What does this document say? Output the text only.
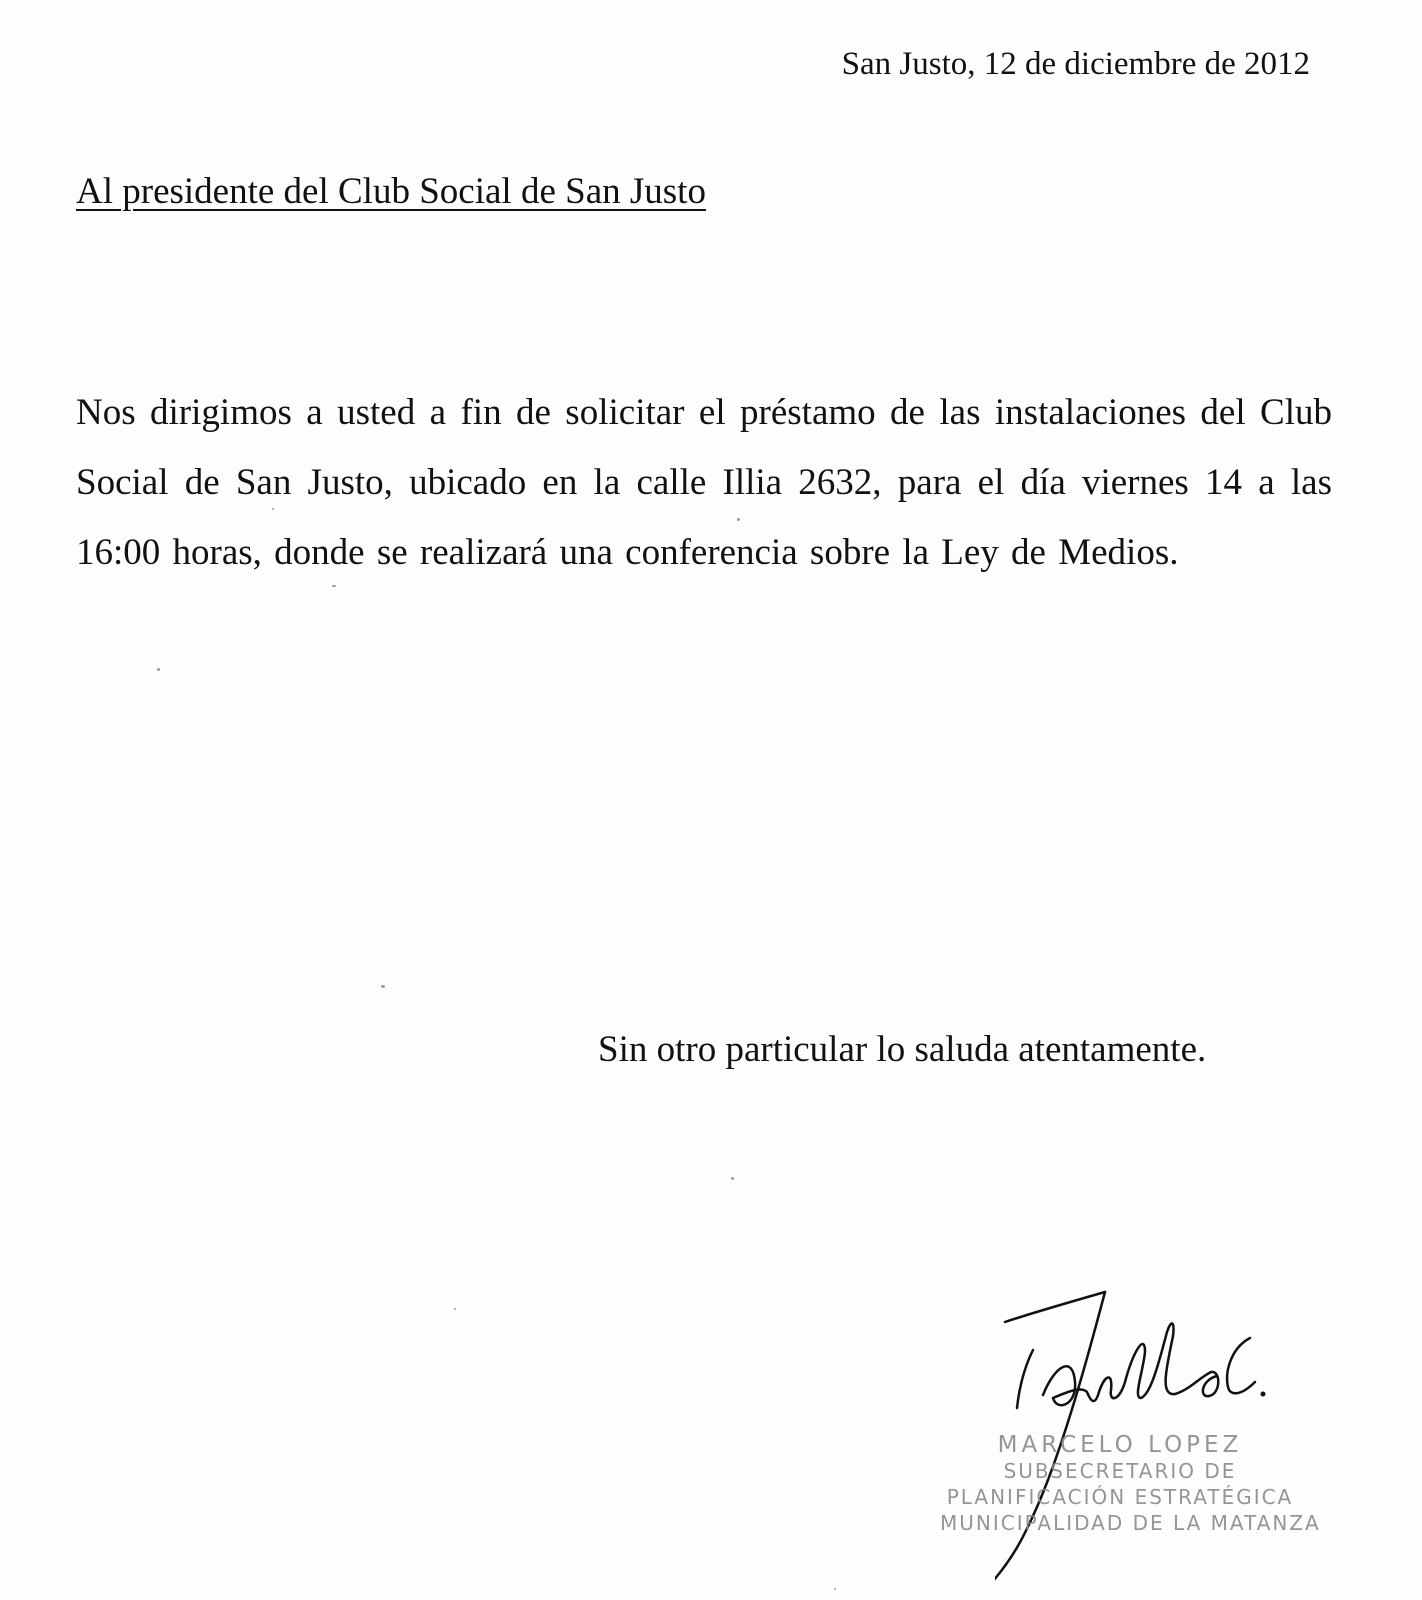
San Justo, 12 de diciembre de 2012
Al presidente del Club Social de San Justo

Nos dirigimos a usted a fin de solicitar el préstamo de las instalaciones del Club Social de San Justo, ubicado en la calle Illia 2632, para el día viernes 14 a las 16:00 horas, donde se realizará una conferencia sobre la Ley de Medios.

Sin otro particular lo saluda atentamente.
MARCELO LOPEZ
SUBSECRETARIO DE
PLANIFICACIÓN ESTRATÉGICA
MUNICIPALIDAD DE LA MATANZA
